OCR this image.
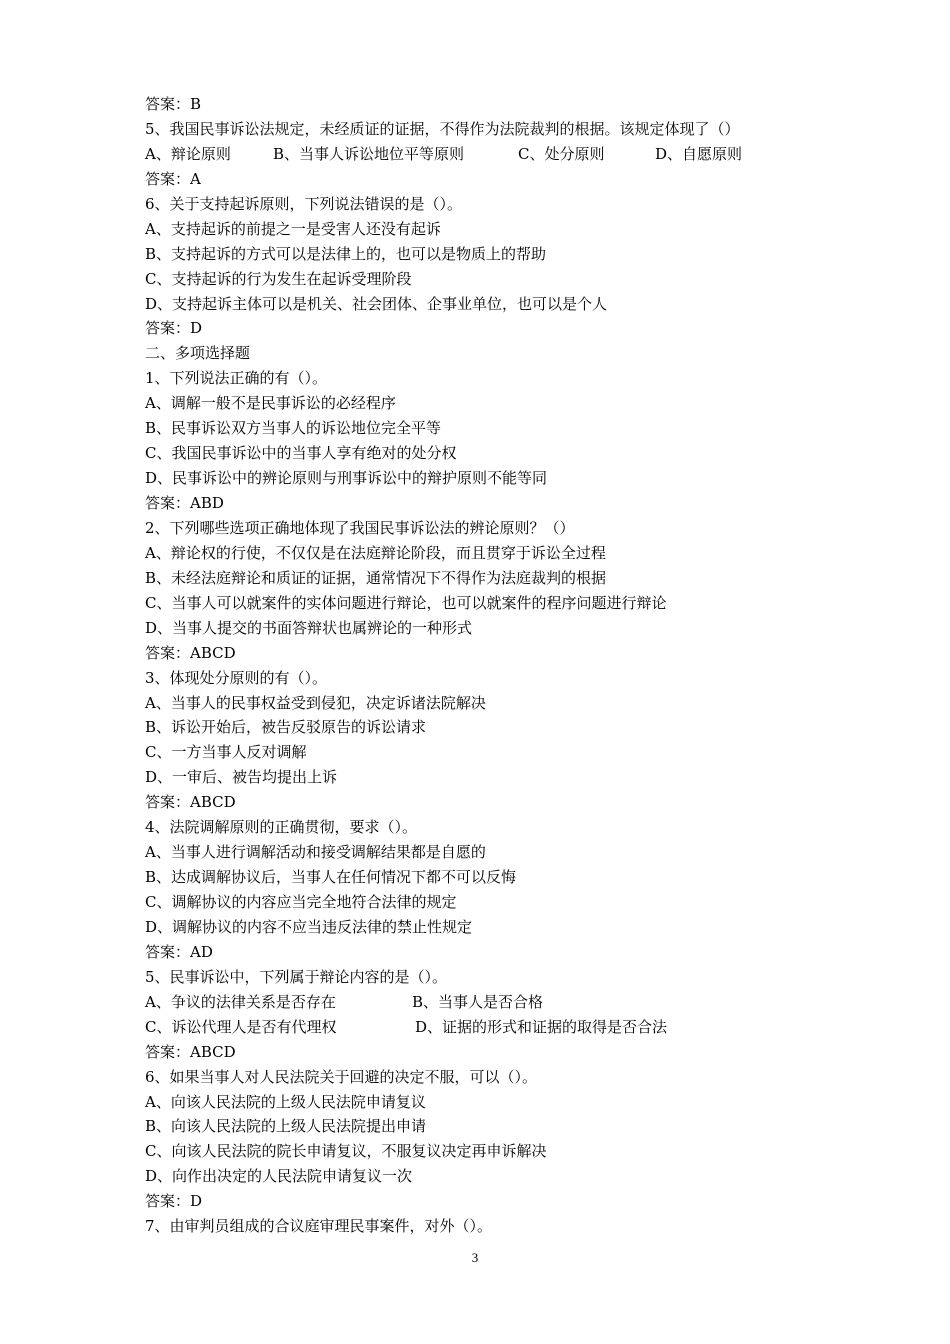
答案：B
5、我国民事诉讼法规定，未经质证的证据，不得作为法院裁判的根据。该规定体现了（）
A、辩论原则	B、当事人诉讼地位平等原则	C、处分原则	D、自愿原则
答案：A
6、关于支持起诉原则，下列说法错误的是（）。
A、支持起诉的前提之一是受害人还没有起诉
B、支持起诉的方式可以是法律上的，也可以是物质上的帮助
C、支持起诉的行为发生在起诉受理阶段
D、支持起诉主体可以是机关、社会团体、企事业单位，也可以是个人
答案：D
二、多项选择题
1、下列说法正确的有（）。
A、调解一般不是民事诉讼的必经程序
B、民事诉讼双方当事人的诉讼地位完全平等
C、我国民事诉讼中的当事人享有绝对的处分权
D、民事诉讼中的辨论原则与刑事诉讼中的辩护原则不能等同
答案：ABD
2、下列哪些选项正确地体现了我国民事诉讼法的辨论原则？（）
A、辩论权的行使，不仅仅是在法庭辩论阶段，而且贯穿于诉讼全过程
B、未经法庭辩论和质证的证据，通常情况下不得作为法庭裁判的根据
C、当事人可以就案件的实体问题进行辩论，也可以就案件的程序问题进行辩论
D、当事人提交的书面答辩状也属辨论的一种形式
答案：ABCD
3、体现处分原则的有（）。
A、当事人的民事权益受到侵犯，决定诉诸法院解决
B、诉讼开始后，被告反驳原告的诉讼请求
C、一方当事人反对调解
D、一审后、被告均提出上诉
答案：ABCD
4、法院调解原则的正确贯彻，要求（）。
A、当事人进行调解活动和接受调解结果都是自愿的
B、达成调解协议后，当事人在任何情况下都不可以反悔
C、调解协议的内容应当完全地符合法律的规定
D、调解协议的内容不应当违反法律的禁止性规定
答案：AD
5、民事诉讼中，下列属于辩论内容的是（）。
A、争议的法律关系是否存在	B、当事人是否合格
C、诉讼代理人是否有代理权	D、证据的形式和证据的取得是否合法
答案：ABCD
6、如果当事人对人民法院关于回避的决定不服，可以（）。
A、向该人民法院的上级人民法院申请复议
B、向该人民法院的上级人民法院提出申请
C、向该人民法院的院长申请复议，不服复议决定再申诉解决
D、向作出决定的人民法院申请复议一次
答案：D
7、由审判员组成的合议庭审理民事案件，对外（）。
3
